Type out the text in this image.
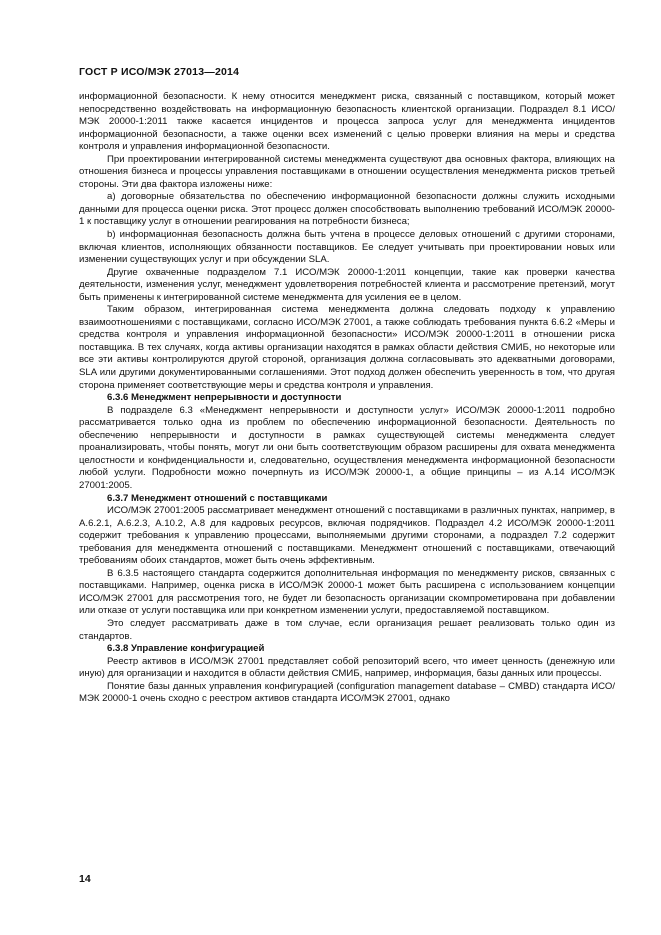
ГОСТ Р ИСО/МЭК 27013—2014

информационной безопасности. К нему относится менеджмент риска, связанный с поставщиком, который может непосредственно воздействовать на информационную безопасность клиентской организации. Подраздел 8.1 ИСО/МЭК 20000-1:2011 также касается инцидентов и процесса запроса услуг для менеджмента инцидентов информационной безопасности, а также оценки всех изменений с целью проверки влияния на меры и средства контроля и управления информационной безопасности.

При проектировании интегрированной системы менеджмента существуют два основных фактора, влияющих на отношения бизнеса и процессы управления поставщиками в отношении осуществления менеджмента рисков третьей стороны. Эти два фактора изложены ниже:

a) договорные обязательства по обеспечению информационной безопасности должны служить исходными данными для процесса оценки риска. Этот процесс должен способствовать выполнению требований ИСО/МЭК 20000-1 к поставщику услуг в отношении реагирования на потребности бизнеса;

b) информационная безопасность должна быть учтена в процессе деловых отношений с другими сторонами, включая клиентов, исполняющих обязанности поставщиков. Ее следует учитывать при проектировании новых или изменении существующих услуг и при обсуждении SLA.

Другие охваченные подразделом 7.1 ИСО/МЭК 20000-1:2011 концепции, такие как проверки качества деятельности, изменения услуг, менеджмент удовлетворения потребностей клиента и рассмотрение претензий, могут быть применены к интегрированной системе менеджмента для усиления ее в целом.

Таким образом, интегрированная система менеджмента должна следовать подходу к управлению взаимоотношениями с поставщиками, согласно ИСО/МЭК 27001, а также соблюдать требования пункта 6.6.2 «Меры и средства контроля и управления информационной безопасности» ИСО/МЭК 20000-1:2011 в отношении риска поставщика. В тех случаях, когда активы организации находятся в рамках области действия СМИБ, но некоторые или все эти активы контролируются другой стороной, организация должна согласовывать это адекватными договорами, SLA или другими документированными соглашениями. Этот подход должен обеспечить уверенность в том, что другая сторона применяет соответствующие меры и средства контроля и управления.

6.3.6 Менеджмент непрерывности и доступности

В подразделе 6.3 «Менеджмент непрерывности и доступности услуг» ИСО/МЭК 20000-1:2011 подробно рассматривается только одна из проблем по обеспечению информационной безопасности. Деятельность по обеспечению непрерывности и доступности в рамках существующей системы менеджмента следует проанализировать, чтобы понять, могут ли они быть соответствующим образом расширены для охвата менеджмента целостности и конфиденциальности и, следовательно, осуществления менеджмента информационной безопасности любой услуги. Подробности можно почерпнуть из ИСО/МЭК 20000-1, а общие принципы – из А.14 ИСО/МЭК 27001:2005.

6.3.7 Менеджмент отношений с поставщиками

ИСО/МЭК 27001:2005 рассматривает менеджмент отношений с поставщиками в различных пунктах, например, в А.6.2.1, А.6.2.3, А.10.2, А.8 для кадровых ресурсов, включая подрядчиков. Подраздел 4.2 ИСО/МЭК 20000-1:2011 содержит требования к управлению процессами, выполняемыми другими сторонами, а подраздел 7.2 содержит требования для менеджмента отношений с поставщиками. Менеджмент отношений с поставщиками, отвечающий требованиям обоих стандартов, может быть очень эффективным.

В 6.3.5 настоящего стандарта содержится дополнительная информация по менеджменту рисков, связанных с поставщиками. Например, оценка риска в ИСО/МЭК 20000-1 может быть расширена с использованием концепции ИСО/МЭК 27001 для рассмотрения того, не будет ли безопасность организации скомпрометирована при добавлении или отказе от услуги поставщика или при конкретном изменении услуги, предоставляемой поставщиком.

Это следует рассматривать даже в том случае, если организация решает реализовать только один из стандартов.

6.3.8 Управление конфигурацией

Реестр активов в ИСО/МЭК 27001 представляет собой репозиторий всего, что имеет ценность (денежную или иную) для организации и находится в области действия СМИБ, например, информация, базы данных или процессы.

Понятие базы данных управления конфигурацией (configuration management database – CMBD) стандарта ИСО/МЭК 20000-1 очень сходно с реестром активов стандарта ИСО/МЭК 27001, однако

14
